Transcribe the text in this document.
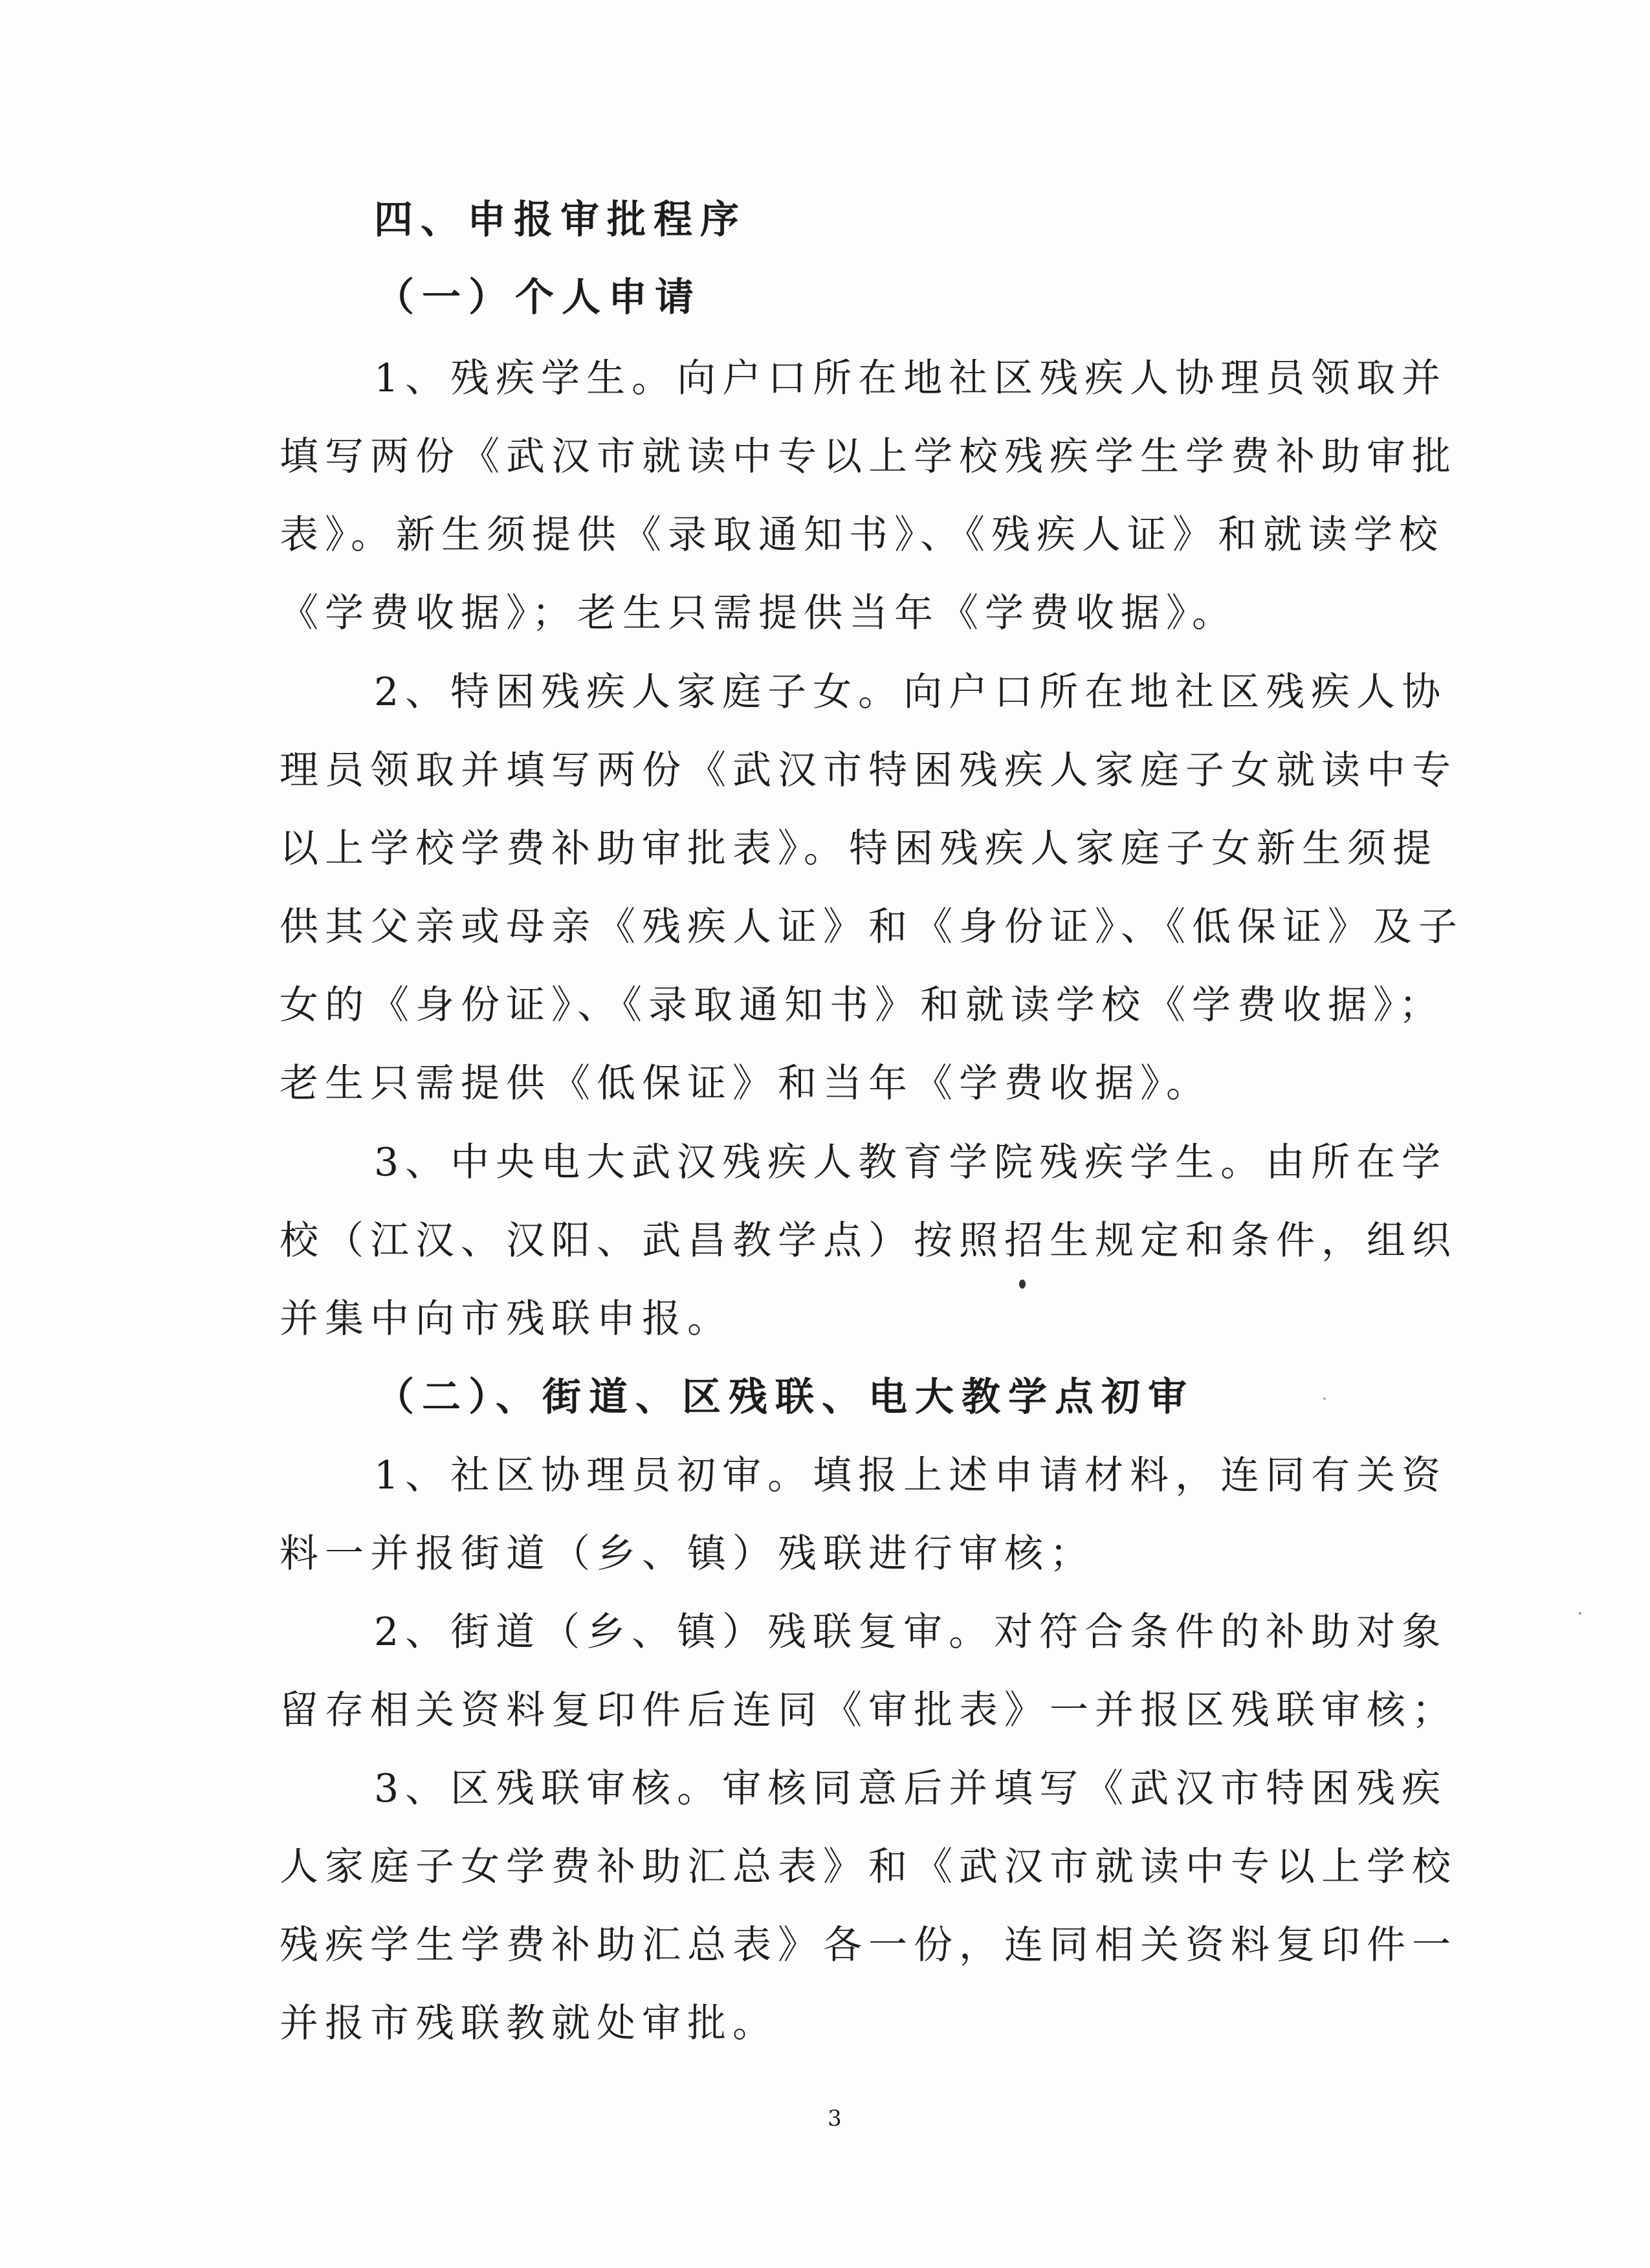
四、申报审批程序

（一）个人申请

1、残疾学生。向户口所在地社区残疾人协理员领取并

填写两份《武汉市就读中专以上学校残疾学生学费补助审批

表》。新生须提供《录取通知书》、《残疾人证》和就读学校

《学费收据》；老生只需提供当年《学费收据》。

2、特困残疾人家庭子女。向户口所在地社区残疾人协

理员领取并填写两份《武汉市特困残疾人家庭子女就读中专

以上学校学费补助审批表》。特困残疾人家庭子女新生须提

供其父亲或母亲《残疾人证》和《身份证》、《低保证》及子

女的《身份证》、《录取通知书》和就读学校《学费收据》；

老生只需提供《低保证》和当年《学费收据》。

3、中央电大武汉残疾人教育学院残疾学生。由所在学

校（江汉、汉阳、武昌教学点）按照招生规定和条件，组织

并集中向市残联申报。

（二）、街道、区残联、电大教学点初审

1、社区协理员初审。填报上述申请材料，连同有关资

料一并报街道（乡、镇）残联进行审核；

2、街道（乡、镇）残联复审。对符合条件的补助对象

留存相关资料复印件后连同《审批表》一并报区残联审核；

3、区残联审核。审核同意后并填写《武汉市特困残疾

人家庭子女学费补助汇总表》和《武汉市就读中专以上学校

残疾学生学费补助汇总表》各一份，连同相关资料复印件一

并报市残联教就处审批。

3
